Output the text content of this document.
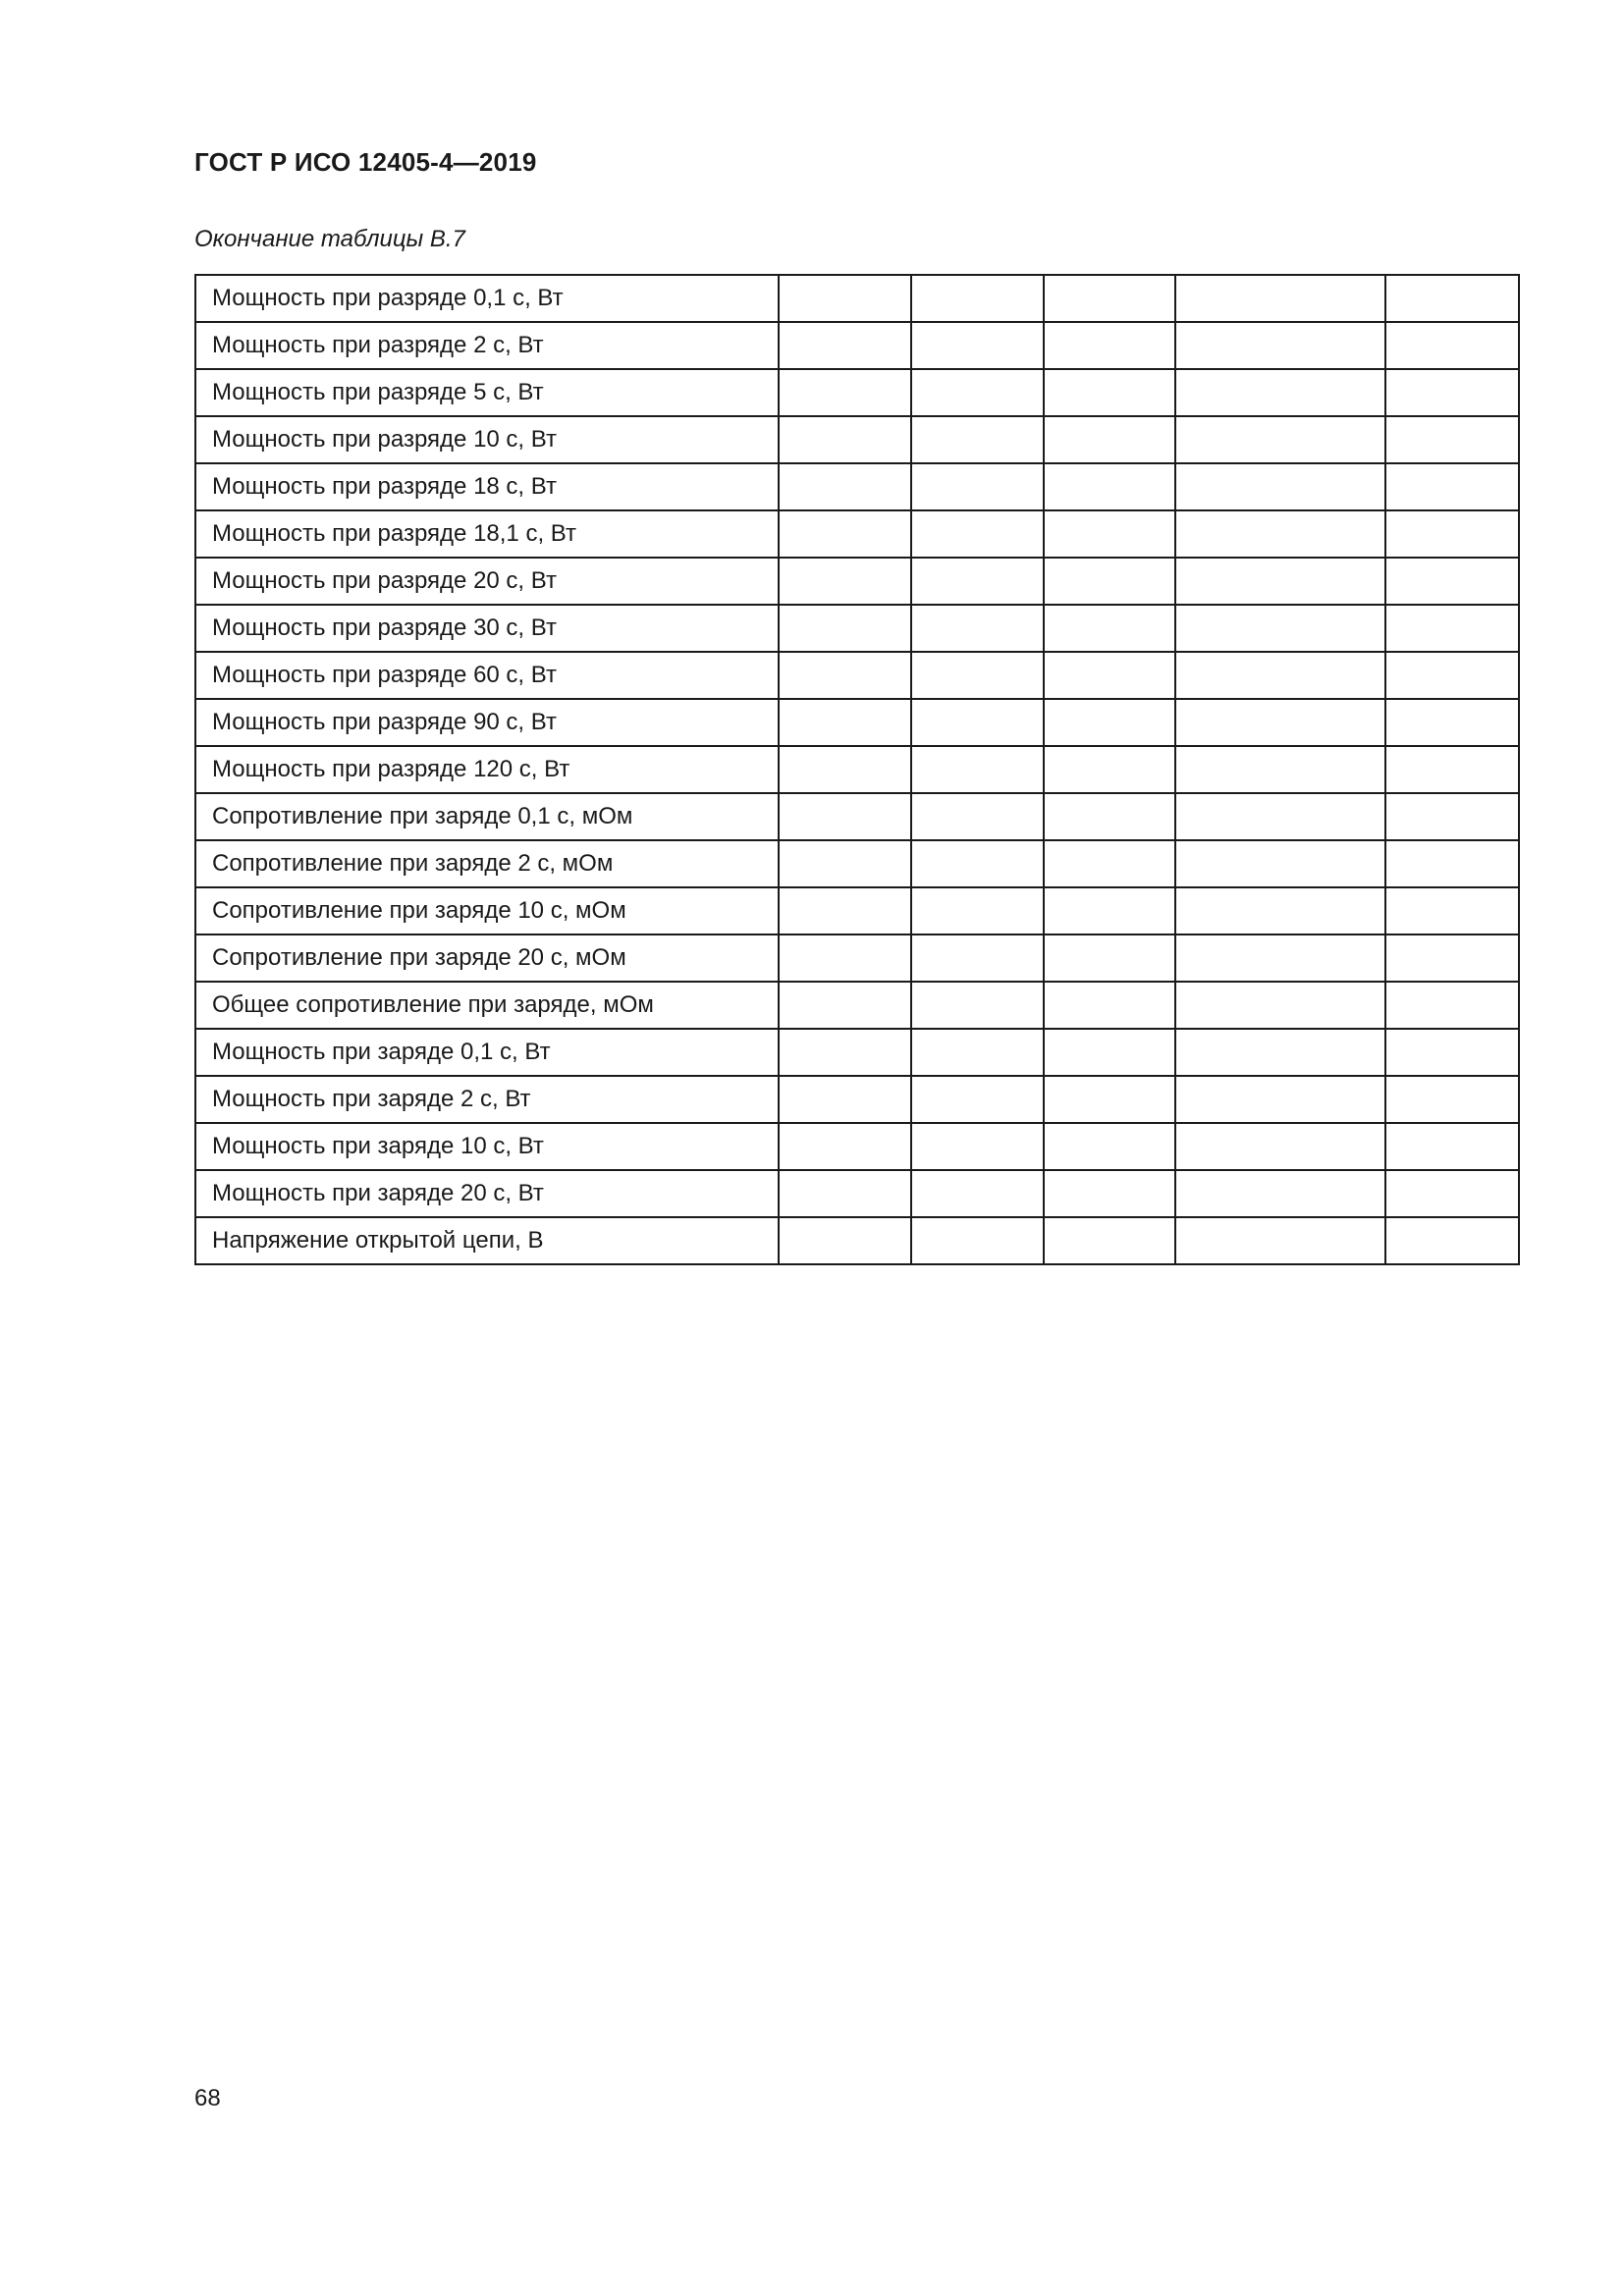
ГОСТ Р ИСО 12405-4—2019
Окончание таблицы В.7
Мощность при разряде 0,1 с, Вт					
Мощность при разряде 2 с, Вт					
Мощность при разряде 5 с, Вт					
Мощность при разряде 10 с, Вт					
Мощность при разряде 18 с, Вт					
Мощность при разряде 18,1 с, Вт					
Мощность при разряде 20 с, Вт					
Мощность при разряде 30 с, Вт					
Мощность при разряде 60 с, Вт					
Мощность при разряде 90 с, Вт					
Мощность при разряде 120 с, Вт					
Сопротивление при заряде 0,1 с, мОм					
Сопротивление при заряде 2 с, мОм					
Сопротивление при заряде 10 с, мОм					
Сопротивление при заряде 20 с, мОм					
Общее сопротивление при заряде, мОм					
Мощность при заряде 0,1 с, Вт					
Мощность при заряде 2 с, Вт					
Мощность при заряде 10 с, Вт					
Мощность при заряде 20 с, Вт					
Напряжение открытой цепи, В					
68
